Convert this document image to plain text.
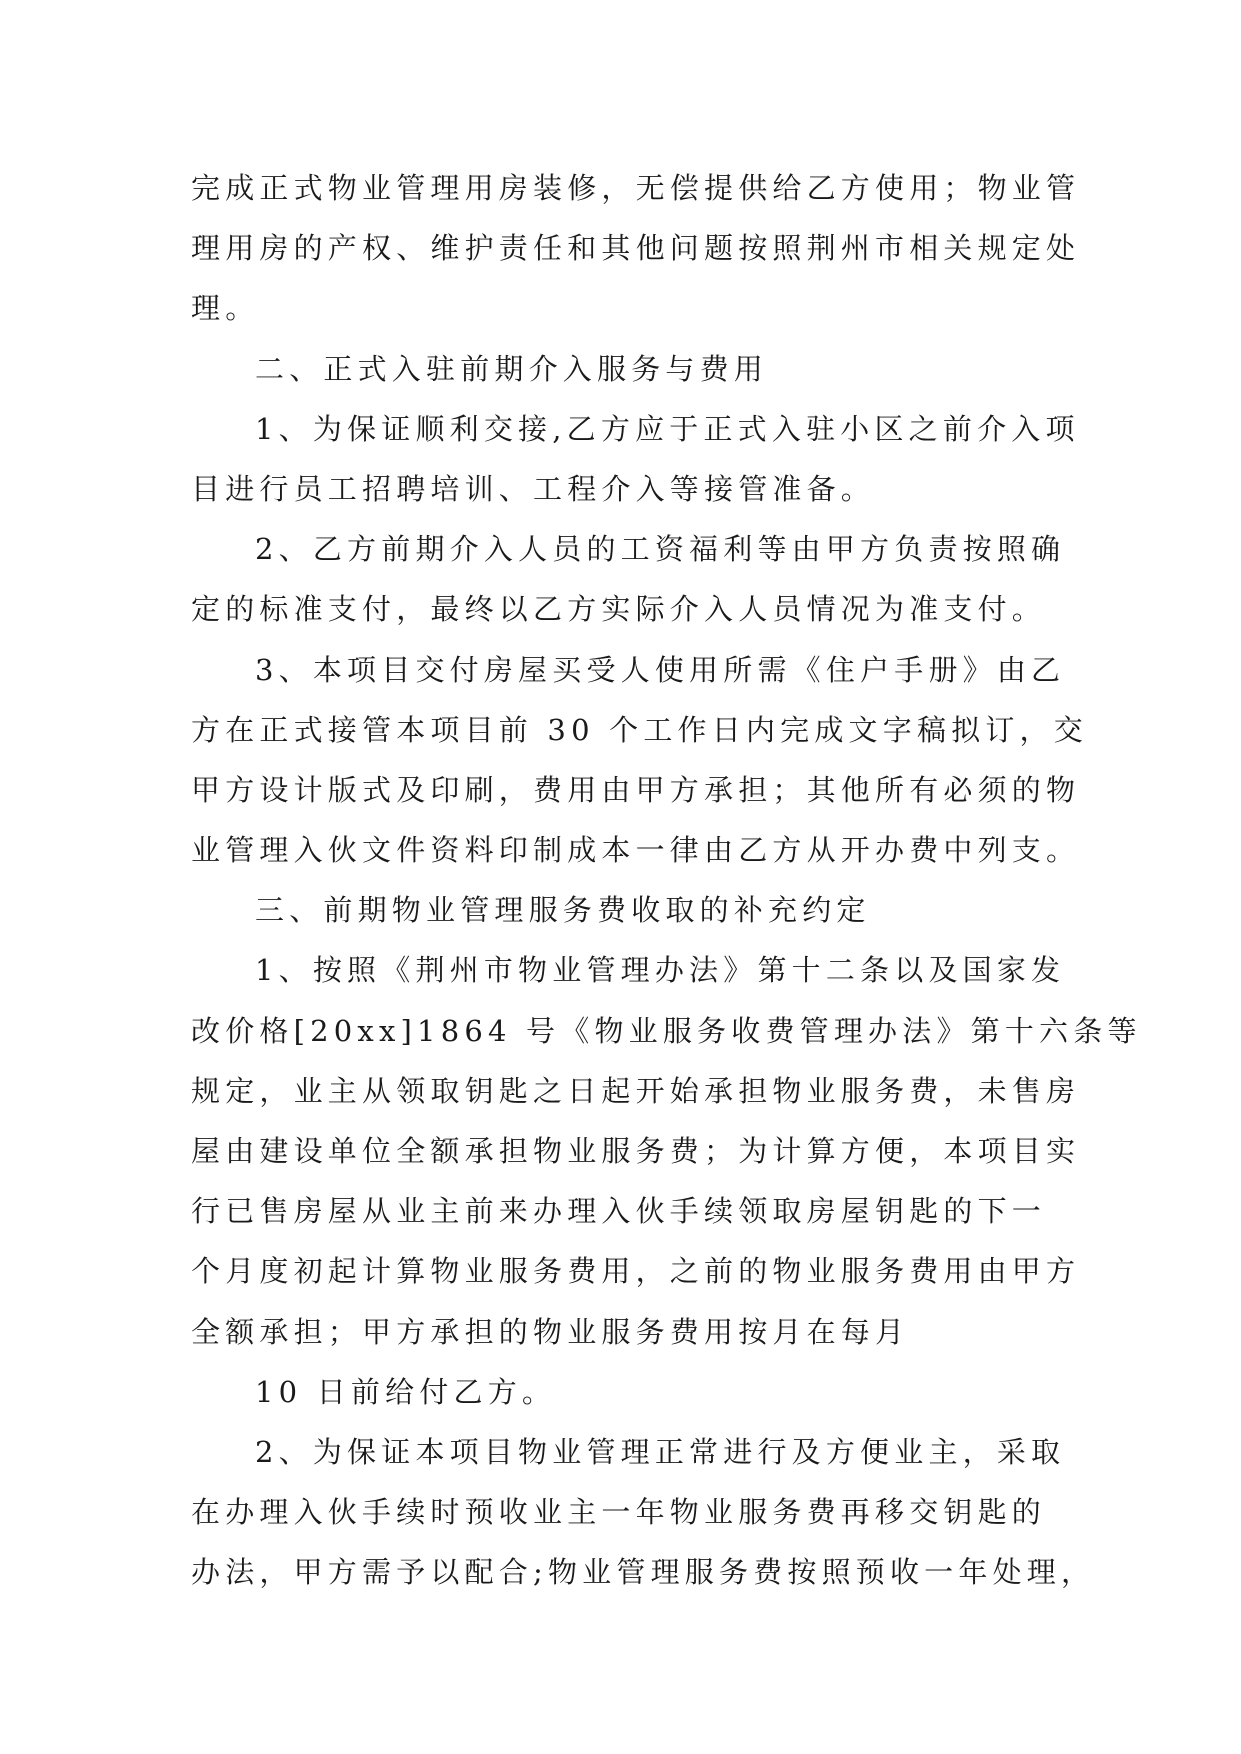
完成正式物业管理用房装修，无偿提供给乙方使用；物业管
理用房的产权、维护责任和其他问题按照荆州市相关规定处
理。
二、正式入驻前期介入服务与费用
1、为保证顺利交接,乙方应于正式入驻小区之前介入项
目进行员工招聘培训、工程介入等接管准备。
2、乙方前期介入人员的工资福利等由甲方负责按照确
定的标准支付，最终以乙方实际介入人员情况为准支付。
3、本项目交付房屋买受人使用所需《住户手册》由乙
方在正式接管本项目前 30 个工作日内完成文字稿拟订，交
甲方设计版式及印刷，费用由甲方承担；其他所有必须的物
业管理入伙文件资料印制成本一律由乙方从开办费中列支。
三、前期物业管理服务费收取的补充约定
1、按照《荆州市物业管理办法》第十二条以及国家发
改价格[20xx]1864 号《物业服务收费管理办法》第十六条等
规定，业主从领取钥匙之日起开始承担物业服务费，未售房
屋由建设单位全额承担物业服务费；为计算方便，本项目实
行已售房屋从业主前来办理入伙手续领取房屋钥匙的下一
个月度初起计算物业服务费用，之前的物业服务费用由甲方
全额承担；甲方承担的物业服务费用按月在每月
10 日前给付乙方。
2、为保证本项目物业管理正常进行及方便业主，采取
在办理入伙手续时预收业主一年物业服务费再移交钥匙的
办法，甲方需予以配合;物业管理服务费按照预收一年处理，
